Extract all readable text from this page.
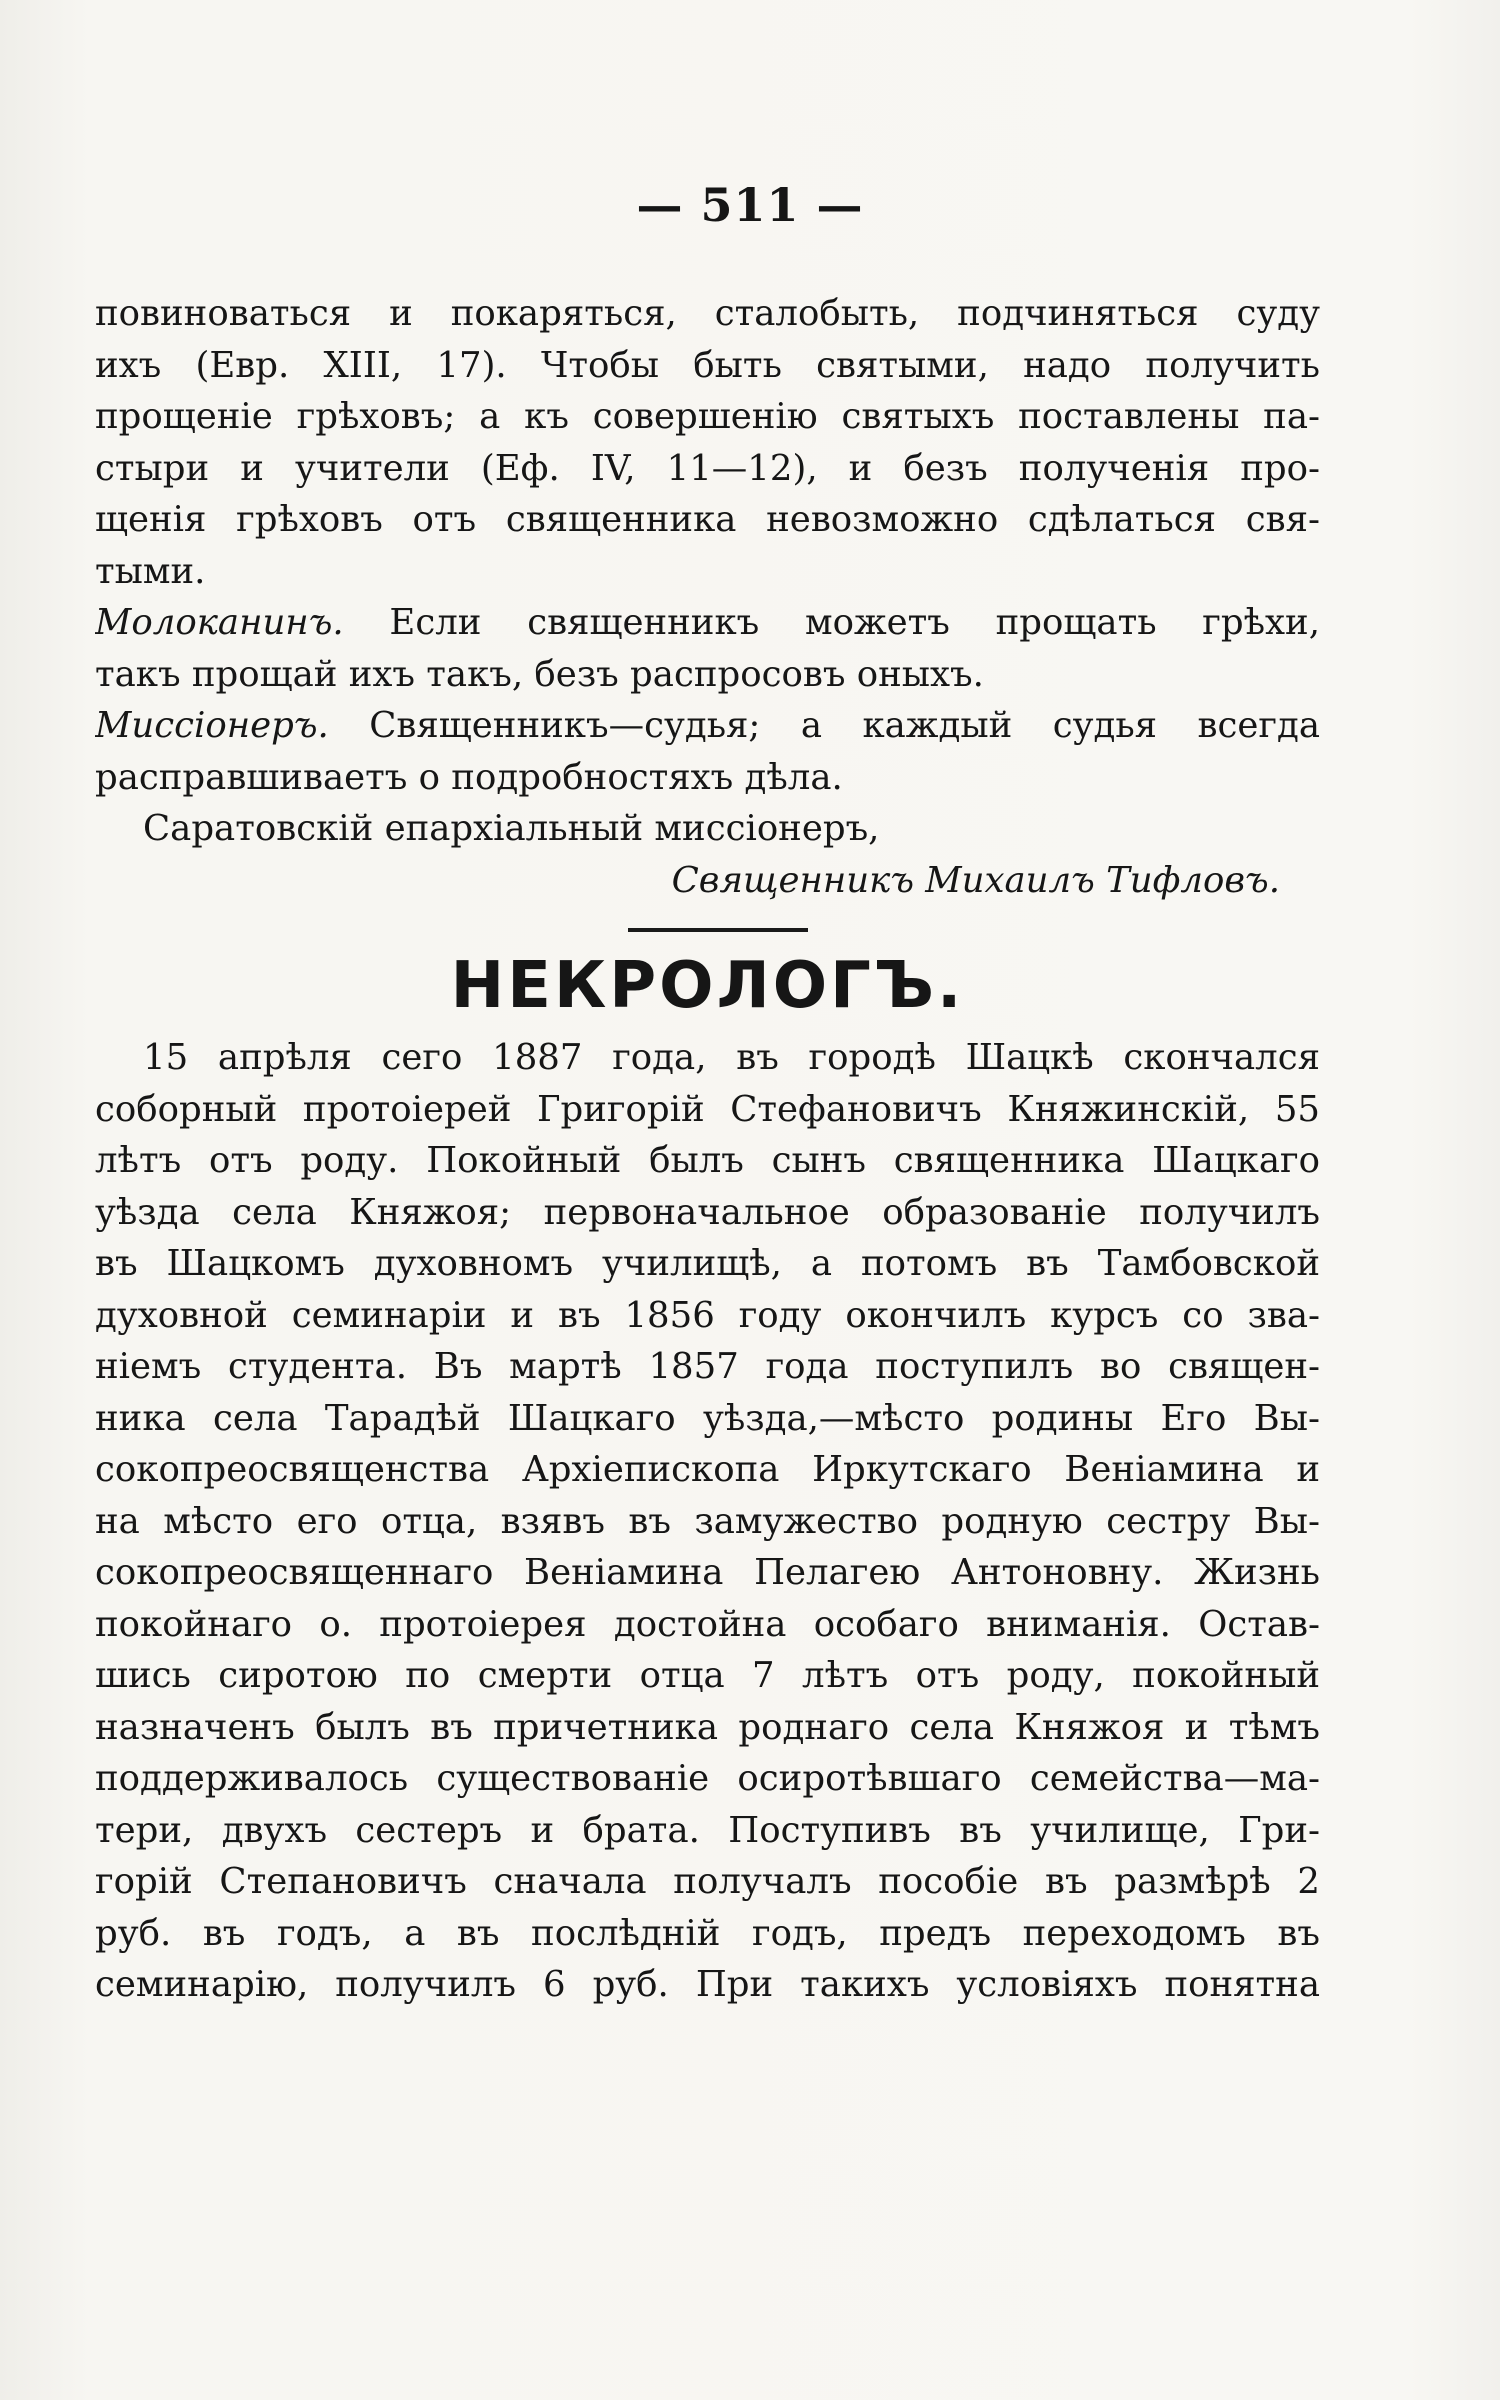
— 511 —
повиноваться и покаряться, сталобыть, подчиняться суду
ихъ (Евр. XIII, 17). Чтобы быть святыми, надо получить
прощеніе грѣховъ; а къ совершенію святыхъ поставлены па-
стыри и учители (Еф. IV, 11—12), и безъ полученія про-
щенія грѣховъ отъ священника невозможно сдѣлаться свя-
тыми.
Молоканинъ. Если священникъ можетъ прощать грѣхи,
такъ прощай ихъ такъ, безъ распросовъ оныхъ.
Миссіонеръ. Священникъ—судья; а каждый судья всегда
расправшиваетъ о подробностяхъ дѣла.
Саратовскій епархіальный миссіонеръ,
Священникъ Михаилъ Тифловъ.
НЕКРОЛОГЪ.
15 апрѣля сего 1887 года, въ городѣ Шацкѣ скончался
соборный протоіерей Григорій Стефановичъ Княжинскій, 55
лѣтъ отъ роду. Покойный былъ сынъ священника Шацкаго
уѣзда села Княжоя; первоначальное образованіе получилъ
въ Шацкомъ духовномъ училищѣ, а потомъ въ Тамбовской
духовной семинаріи и въ 1856 году окончилъ курсъ со зва-
ніемъ студента. Въ мартѣ 1857 года поступилъ во священ-
ника села Тарадѣй Шацкаго уѣзда,—мѣсто родины Его Вы-
сокопреосвященства Архіепископа Иркутскаго Веніамина и
на мѣсто его отца, взявъ въ замужество родную сестру Вы-
сокопреосвященнаго Веніамина Пелагею Антоновну. Жизнь
покойнаго о. протоіерея достойна особаго вниманія. Остав-
шись сиротою по смерти отца 7 лѣтъ отъ роду, покойный
назначенъ былъ въ причетника роднаго села Княжоя и тѣмъ
поддерживалось существованіе осиротѣвшаго семейства—ма-
тери, двухъ сестеръ и брата. Поступивъ въ училище, Гри-
горій Степановичъ сначала получалъ пособіе въ размѣрѣ 2
руб. въ годъ, а въ послѣдній годъ, предъ переходомъ въ
семинарію, получилъ 6 руб. При такихъ условіяхъ понятна
